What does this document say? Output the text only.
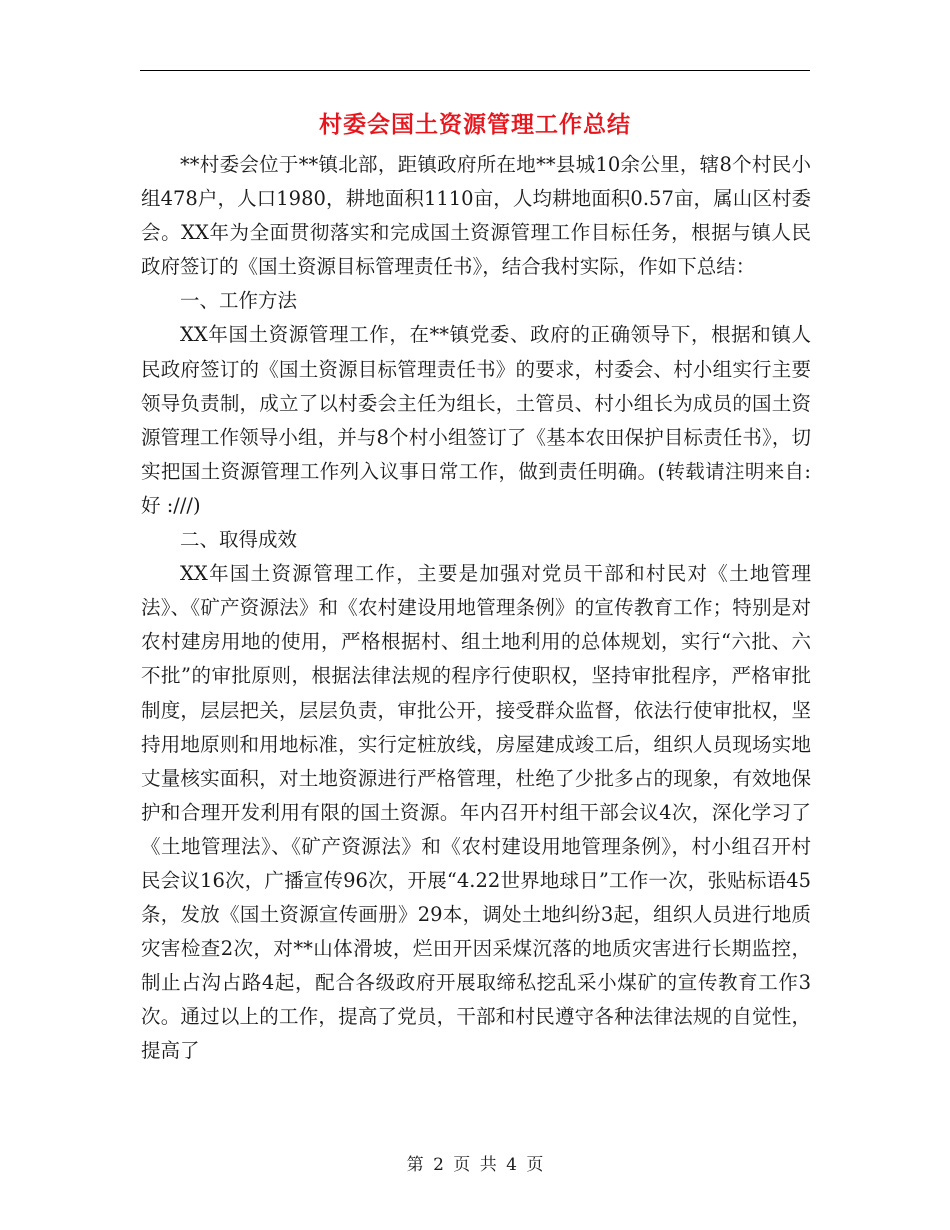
村委会国土资源管理工作总结

**村委会位于**镇北部，距镇政府所在地**县城10余公里，辖8个村民小组478户，人口1980，耕地面积1110亩，人均耕地面积0.57亩，属山区村委会。XX年为全面贯彻落实和完成国土资源管理工作目标任务，根据与镇人民政府签订的《国土资源目标管理责任书》，结合我村实际，作如下总结：

一、工作方法

XX年国土资源管理工作，在**镇党委、政府的正确领导下，根据和镇人民政府签订的《国土资源目标管理责任书》的要求，村委会、村小组实行主要领导负责制，成立了以村委会主任为组长，土管员、村小组长为成员的国土资源管理工作领导小组，并与8个村小组签订了《基本农田保护目标责任书》，切实把国土资源管理工作列入议事日常工作，做到责任明确。(转载请注明来自:好 :///)

二、取得成效

XX年国土资源管理工作，主要是加强对党员干部和村民对《土地管理法》、《矿产资源法》和《农村建设用地管理条例》的宣传教育工作；特别是对农村建房用地的使用，严格根据村、组土地利用的总体规划，实行“六批、六不批”的审批原则，根据法律法规的程序行使职权，坚持审批程序，严格审批制度，层层把关，层层负责，审批公开，接受群众监督，依法行使审批权，坚持用地原则和用地标准，实行定桩放线，房屋建成竣工后，组织人员现场实地丈量核实面积，对土地资源进行严格管理，杜绝了少批多占的现象，有效地保护和合理开发利用有限的国土资源。年内召开村组干部会议4次，深化学习了《土地管理法》、《矿产资源法》和《农村建设用地管理条例》，村小组召开村民会议16次，广播宣传96次，开展“4.22世界地球日”工作一次，张贴标语45条，发放《国土资源宣传画册》29本，调处土地纠纷3起，组织人员进行地质灾害检查2次，对**山体滑坡，烂田开因采煤沉落的地质灾害进行长期监控，制止占沟占路4起，配合各级政府开展取缔私挖乱采小煤矿的宣传教育工作3次。通过以上的工作，提高了党员，干部和村民遵守各种法律法规的自觉性，提高了

第 2 页 共 4 页
